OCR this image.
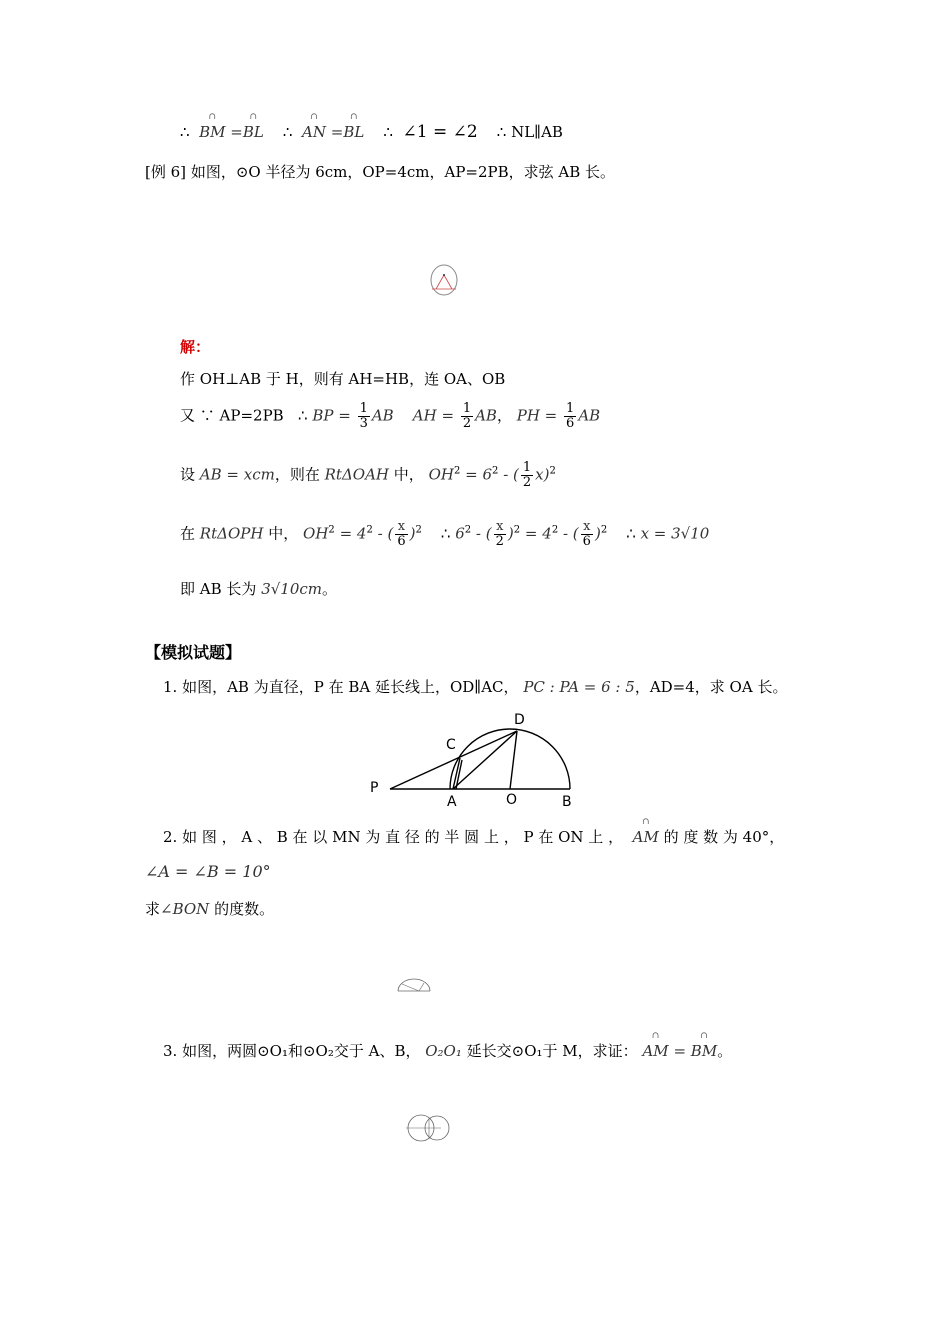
∴ ∩ BM =∩ BL ∴ ∩ AN =∩ BL ∴ ∠1 = ∠2 ∴ NL∥AB
[例 6] 如图，⊙O 半径为 6cm，OP=4cm，AP=2PB，求弦 AB 长。
解：
作 OH⊥AB 于 H，则有 AH=HB，连 OA、OB
又 ∵ AP=2PB   ∴ BP = $\frac{1}{3}$ AB AH = $\frac{1}{2}$ AB， PH = $\frac{1}{6}$ AB
设 AB = xcm，则在 RtΔOAH 中， $OH^2 = 6^2$ - ( $\frac{1}{2} x)^2$
在 RtΔOPH 中， $OH^2 = 4^2$ - ( $\frac{x}{6} )^2$    ∴ $6^2$ - ( $\frac{x}{2} )^2 = 4^2$ - ( $\frac{x}{6} )^2$    ∴ x = 3√10
即 AB 长为 3√10cm。
【模拟试题】
1. 如图，AB 为直径，P 在 BA 延长线上，OD∥AC， PC : PA = 6 : 5，AD=4，求 OA 长。
P
A	O	B
C
D
2. 如 图 ， A 、 B 在 以 MN 为 直 径 的 半 圆 上 ， P 在 ON 上 ， ∩ AM 的 度 数 为 40°，
∠A = ∠B = 10°
求∠BON 的度数。
3. 如图，两圆⊙O₁和⊙O₂交于 A、B， O₂O₁ 延长交⊙O₁于 M，求证： ∩ AM = ∩ BM。
